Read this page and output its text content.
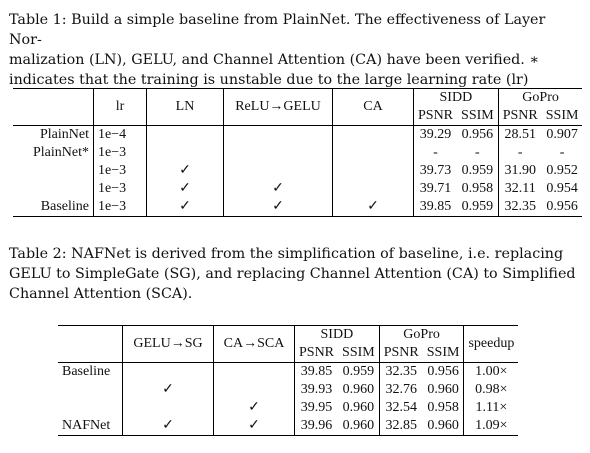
Table 1: Build a simple baseline from PlainNet. The effectiveness of Layer Nor-
malization (LN), GELU, and Channel Attention (CA) have been verified. ∗
indicates that the training is unstable due to the large learning rate (lr)

	lr	LN	ReLU→GELU	CA	SIDD		GoPro	
					PSNR	SSIM	PSNR	SSIM
PlainNet	1e−4				39.29	0.956	28.51	0.907
PlainNet*	1e−3				-	-	-	-
	1e−3	✓			39.73	0.959	31.90	0.952
	1e−3	✓	✓		39.71	0.958	32.11	0.954
Baseline	1e−3	✓	✓	✓	39.85	0.959	32.35	0.956

Table 2: NAFNet is derived from the simplification of baseline, i.e. replacing
GELU to SimpleGate (SG), and replacing Channel Attention (CA) to Simplified
Channel Attention (SCA).

	GELU→SG	CA→SCA	SIDD		GoPro		speedup
			PSNR	SSIM	PSNR	SSIM	
Baseline			39.85	0.959	32.35	0.956	1.00×
	✓		39.93	0.960	32.76	0.960	0.98×
		✓	39.95	0.960	32.54	0.958	1.11×
NAFNet	✓	✓	39.96	0.960	32.85	0.960	1.09×
